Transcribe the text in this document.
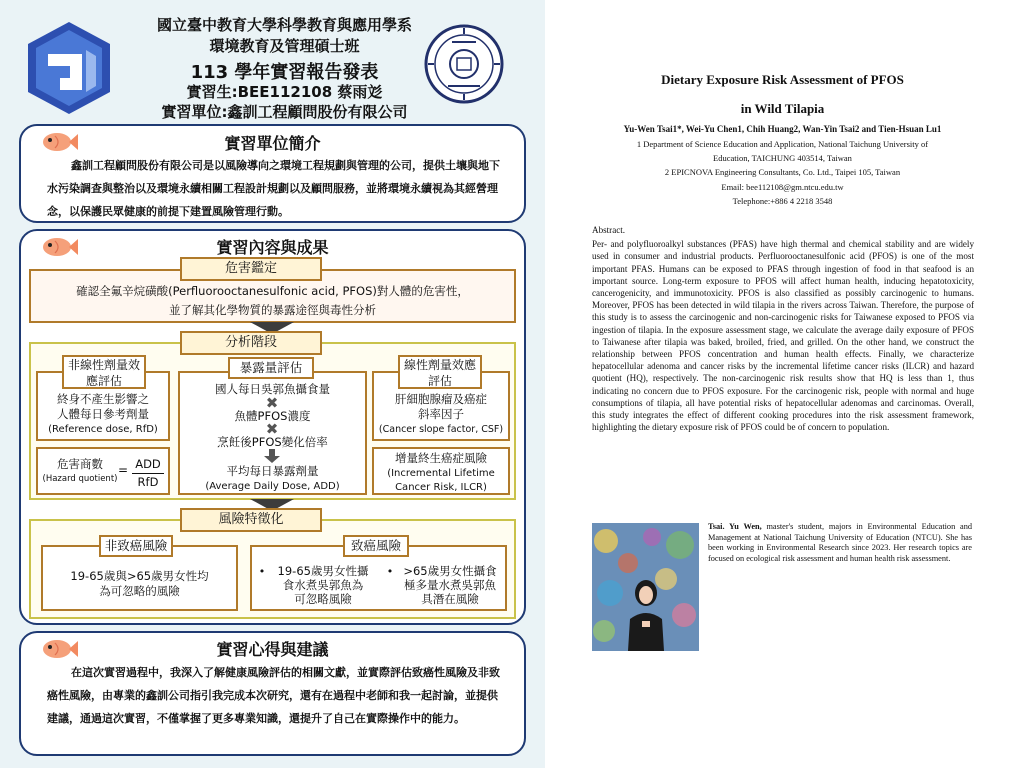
國立臺中教育大學科學教育與應用學系
環境教育及管理碩士班
113 學年實習報告發表
實習生:BEE112108 蔡雨彣
實習單位:鑫訓工程顧問股份有限公司
實習單位簡介
鑫訓工程顧問股份有限公司是以風險導向之環境工程規劃與管理的公司，提供土壤與地下水污染調查與整治以及環境永續相關工程設計規劃以及顧問服務，並將環境永續視為其經營理念，以保護民眾健康的前提下建置風險管理行動。
實習內容與成果
危害鑑定
確認全氟辛烷磺酸(Perfluorooctanesulfonic acid, PFOS)對人體的危害性，
並了解其化學物質的暴露途徑與毒性分析
分析階段
非線性劑量效應評估
終身不產生影響之
人體每日參考劑量
(Reference dose, RfD)
危害商數
(Hazard quotient)
= ADD
RfD
暴露量評估
國人每日吳郭魚攝食量
✖
魚體PFOS濃度
✖
烹飪後PFOS變化倍率
平均每日暴露劑量
(Average Daily Dose, ADD)
線性劑量效應評估
肝細胞腺瘤及癌症
斜率因子
(Cancer slope factor, CSF)
增量終生癌症風險
(Incremental Lifetime
Cancer Risk, ILCR)
風險特徵化
非致癌風險
19-65歲與>65歲男女性均
為可忽略的風險
致癌風險
•	19-65歲男女性攝
食水煮吳郭魚為
可忽略風險
• >65歲男女性攝食
極多量水煮吳郭魚
具潛在風險
實習心得與建議
在這次實習過程中，我深入了解健康風險評估的相關文獻，並實際評估致癌性風險及非致癌性風險，由專業的鑫訓公司指引我完成本次研究，還有在過程中老師和我一起討論，並提供建議，通過這次實習，不僅掌握了更多專業知識，還提升了自己在實際操作中的能力。
Dietary Exposure Risk Assessment of PFOS
in Wild Tilapia
Yu-Wen Tsai1*, Wei-Yu Chen1, Chih Huang2, Wan-Yin Tsai2 and Tien-Hsuan Lu1
1 Department of Science Education and Application, National Taichung University of
Education, TAICHUNG 403514, Taiwan
2 EPICNOVA Engineering Consultants, Co. Ltd., Taipei 105, Taiwan
Email: bee112108@gm.ntcu.edu.tw
Telephone:+886 4 2218 3548
Abstract.
Per- and polyfluoroalkyl substances (PFAS) have high thermal and chemical stability and are widely used in consumer and industrial products. Perfluorooctanesulfonic acid (PFOS) is one of the most important PFAS. Humans can be exposed to PFAS through ingestion of food in that seafood is an important source. Long-term exposure to PFOS will affect human health, inducing hepatotoxicity, cancerogenicity, and immunotoxicity. PFOS is also classified as possibly carcinogenic to humans. Moreover, PFOS has been detected in wild tilapia in the rivers across Taiwan. Therefore, the purpose of this study is to assess the carcinogenic and non-carcinogenic risks for Taiwanese exposed to PFOS via ingestion of tilapia. In the exposure assessment stage, we calculate the average daily exposure of PFOS to Taiwanese after tilapia was baked, broiled, fried, and grilled. On the other hand, we construct the relationship between PFOS concentration and human health effects. Finally, we characterize hepatocellular adenoma and cancer risks by the incremental lifetime cancer risks (ILCR) and hazard quotient (HQ), respectively. The non-carcinogenic risk results show that HQ is less than 1, thus indicating no concern due to PFOS exposure. For the carcinogenic risk, people with normal and huge consumptions of tilapia, all have potential risks of hepatocellular adenomas and carcinomas. Overall, this study integrates the effect of different cooking procedures into the risk assessment framework, highlighting the dietary exposure risk of PFOS could be of concern to population.
Tsai. Yu Wen, master's student, majors in Environmental Education and Management at National Taichung University of Education (NTCU). She has been working in Environmental Research since 2023. Her research topics are focused on ecological risk assessment and human health risk assessment.
